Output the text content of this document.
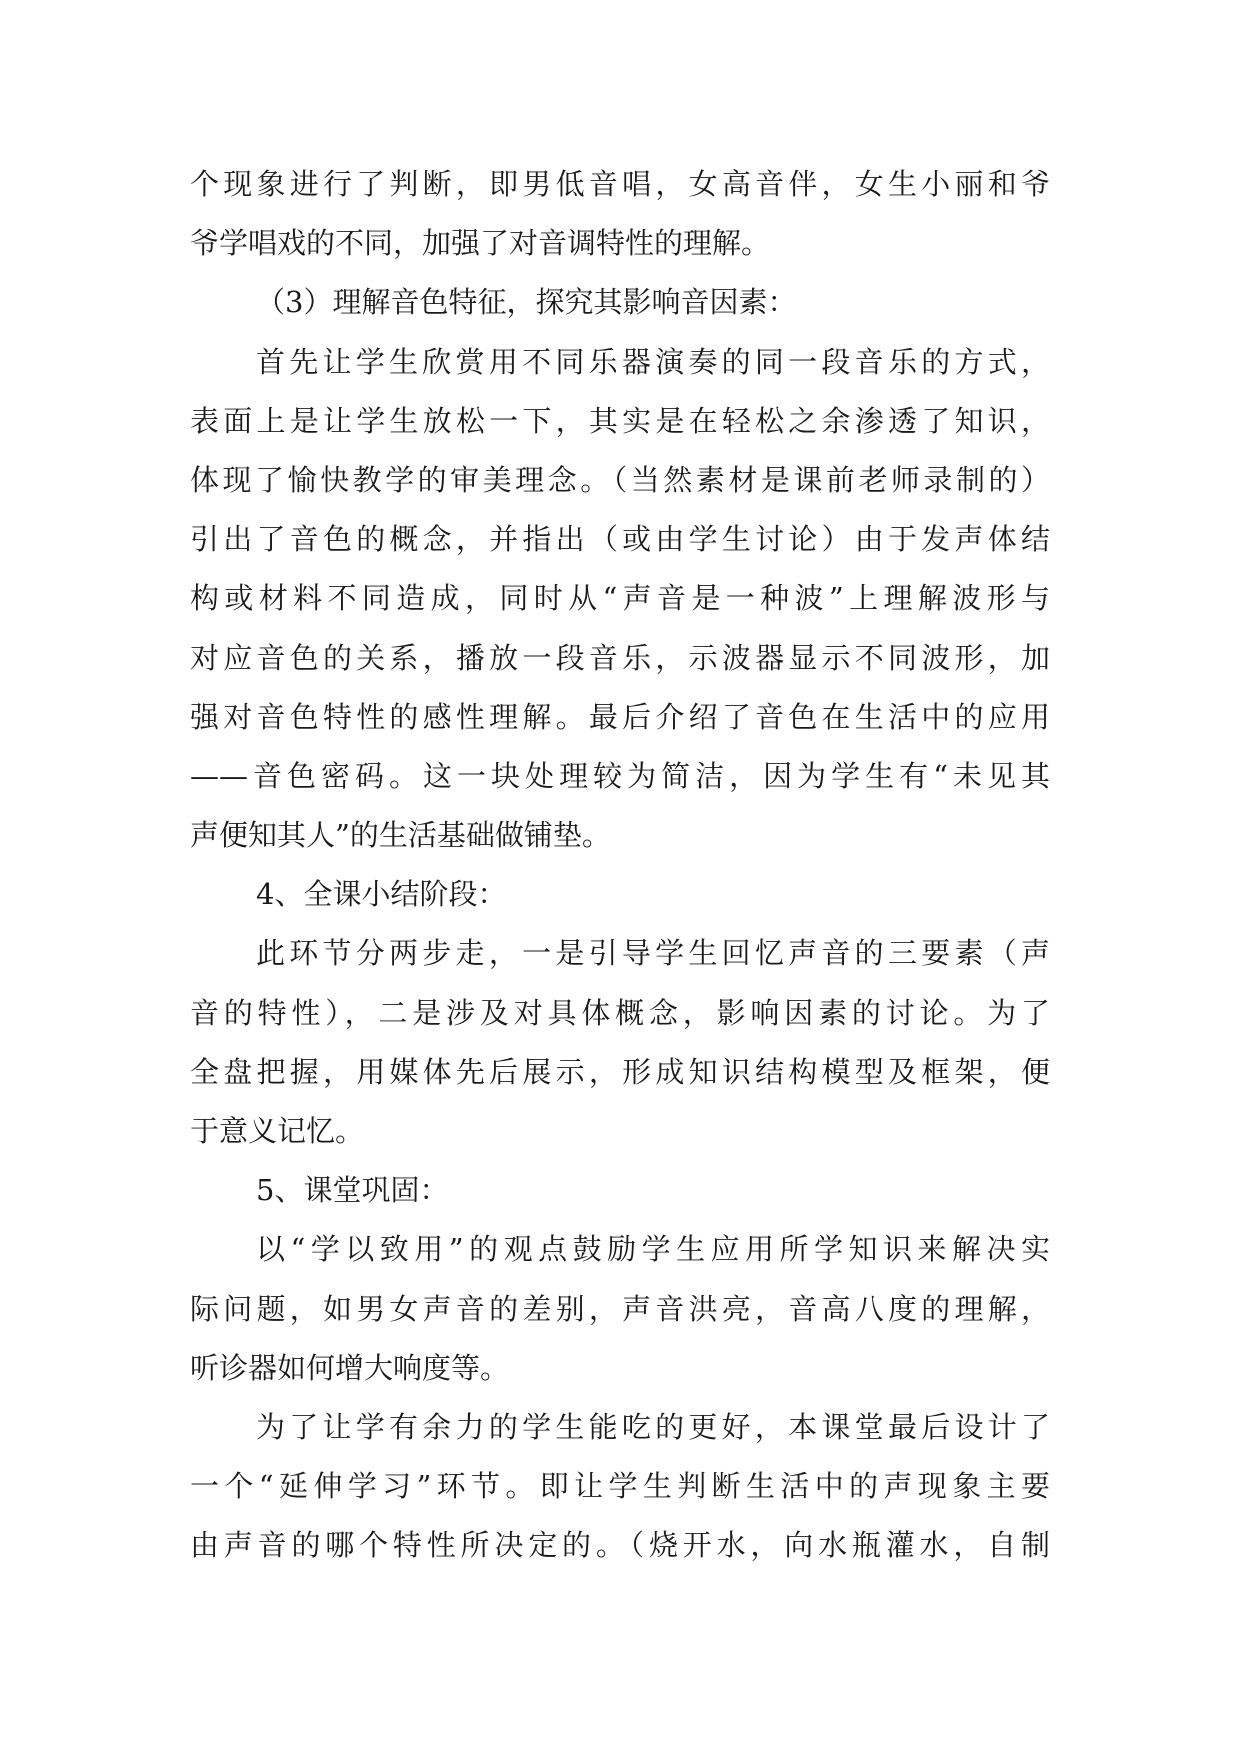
个现象进行了判断，即男低音唱，女高音伴，女生小丽和爷
爷学唱戏的不同，加强了对音调特性的理解。
（3）理解音色特征，探究其影响音因素：
首先让学生欣赏用不同乐器演奏的同一段音乐的方式，
表面上是让学生放松一下，其实是在轻松之余渗透了知识，
体现了愉快教学的审美理念。（当然素材是课前老师录制的）
引出了音色的概念，并指出（或由学生讨论）由于发声体结
构或材料不同造成，同时从“声音是一种波”上理解波形与
对应音色的关系，播放一段音乐，示波器显示不同波形，加
强对音色特性的感性理解。最后介绍了音色在生活中的应用
——音色密码。这一块处理较为简洁，因为学生有“未见其
声便知其人”的生活基础做铺垫。
4、全课小结阶段：
此环节分两步走，一是引导学生回忆声音的三要素（声
音的特性），二是涉及对具体概念，影响因素的讨论。为了
全盘把握，用媒体先后展示，形成知识结构模型及框架，便
于意义记忆。
5、课堂巩固：
以“学以致用”的观点鼓励学生应用所学知识来解决实
际问题，如男女声音的差别，声音洪亮，音高八度的理解，
听诊器如何增大响度等。
为了让学有余力的学生能吃的更好，本课堂最后设计了
一个“延伸学习”环节。即让学生判断生活中的声现象主要
由声音的哪个特性所决定的。（烧开水，向水瓶灌水，自制
